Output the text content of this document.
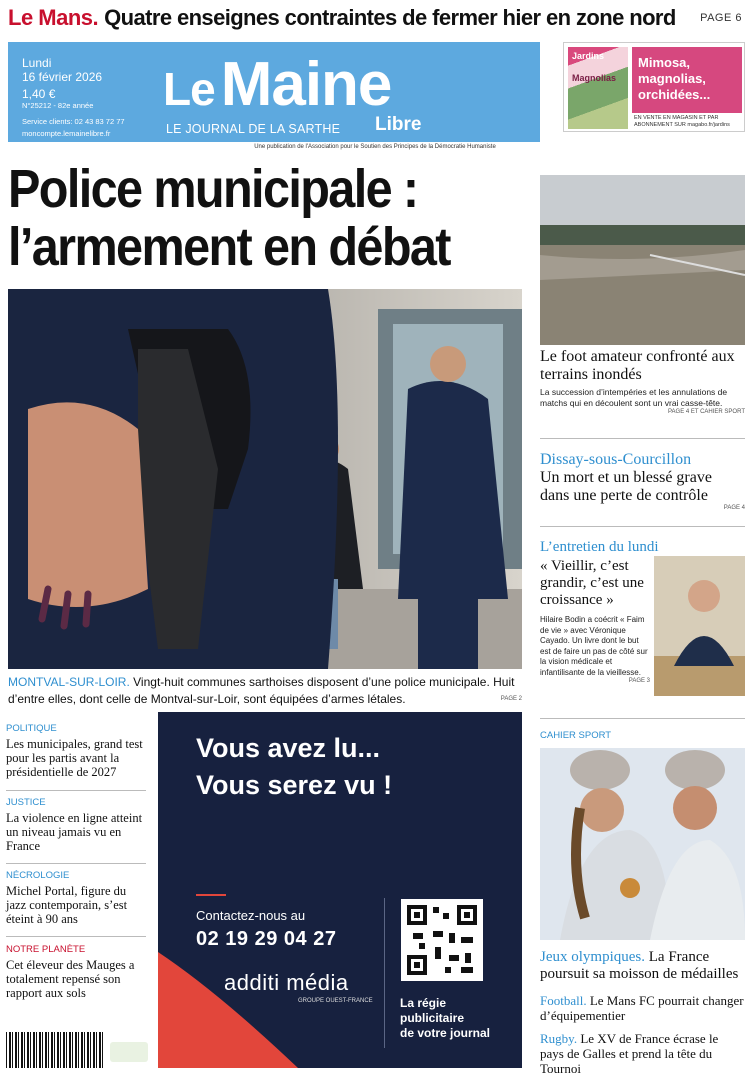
Le Mans. Quatre enseignes contraintes de fermer hier en zone nord PAGE 6
Lundi
16 février 2026
1,40 €
N°25212 - 82e année
Service clients: 02 43 83 72 77
moncompte.lemainelibre.fr
LeMaine
LE JOURNAL DE LA SARTHE Libre
Une publication de l'Association pour le Soutien des Principes de la Démocratie Humaniste
Jardins
Magnolias
Mimosa, magnolias, orchidées...
EN VENTE EN MAGASIN ET PAR ABONNEMENT SUR magabo.fr/jardins
Police municipale :
l’armement en débat
MONTVAL-SUR-LOIR. Vingt-huit communes sarthoises disposent d’une police municipale. Huit d’entre elles, dont celle de Montval-sur-Loir, sont équipées d’armes létales.	PAGE 2
Le foot amateur confronté aux terrains inondés
La succession d’intempéries et les annulations de matchs qui en découlent sont un vrai casse-tête.
PAGE 4 ET CAHIER SPORT
Dissay-sous-Courcillon
Un mort et un blessé grave dans une perte de contrôle
PAGE 4
L’entretien du lundi
« Vieillir, c’est grandir, c’est une croissance »
Hilaire Bodin a coécrit « Faim de vie » avec Véronique Cayado. Un livre dont le but est de faire un pas de côté sur la vision médicale et infantilisante de la vieillesse.
PAGE 3
CAHIER SPORT
Jeux olympiques. La France poursuit sa moisson de médailles
Football. Le Mans FC pourrait changer d’équipementier
Rugby. Le XV de France écrase le pays de Galles et prend la tête du Tournoi
POLITIQUE
Les municipales, grand test pour les partis avant la présidentielle de 2027
JUSTICE
La violence en ligne atteint un niveau jamais vu en France
NÉCROLOGIE
Michel Portal, figure du jazz contemporain, s’est éteint à 90 ans
NOTRE PLANÈTE
Cet éleveur des Mauges a totalement repensé son rapport aux sols
Vous avez lu...
Vous serez vu !
Contactez-nous au
02 19 29 04 27
additi média
GROUPE OUEST-FRANCE La régie
publicitaire
de votre journal
